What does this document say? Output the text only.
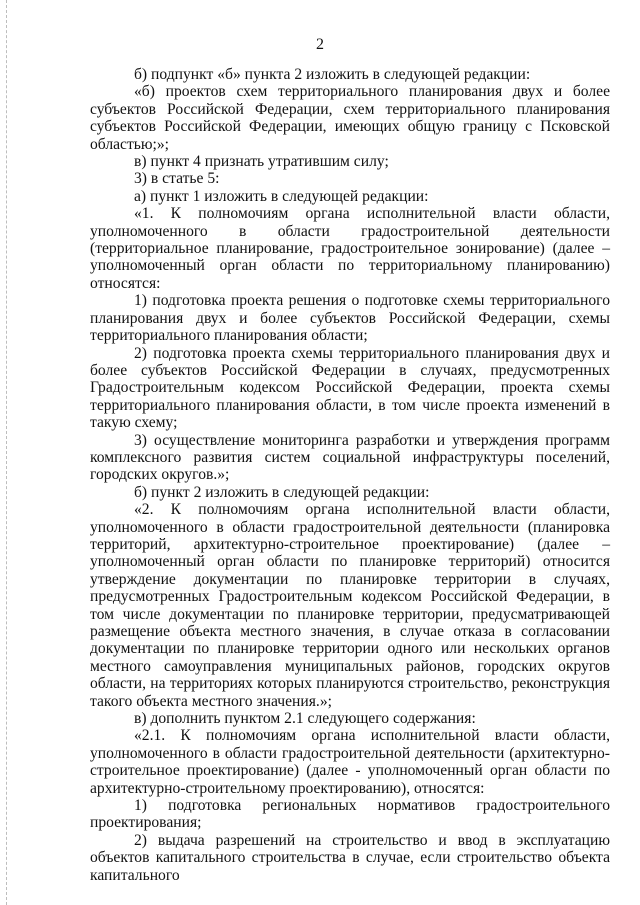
2

б) подпункт «б» пункта 2 изложить в следующей редакции:

«б) проектов схем территориального планирования двух и более субъектов Российской Федерации, схем территориального планирования субъектов Российской Федерации, имеющих общую границу с Псковской областью;»;

в) пункт 4 признать утратившим силу;

3) в статье 5:

а) пункт 1 изложить в следующей редакции:

«1. К полномочиям органа исполнительной власти области, уполномоченного в области градостроительной деятельности (территориальное планирование, градостроительное зонирование) (далее – уполномоченный орган области по территориальному планированию) относятся:

1) подготовка проекта решения о подготовке схемы территориального планирования двух и более субъектов Российской Федерации, схемы территориального планирования области;

2) подготовка проекта схемы территориального планирования двух и более субъектов Российской Федерации в случаях, предусмотренных Градостроительным кодексом Российской Федерации, проекта схемы территориального планирования области, в том числе проекта изменений в такую схему;

3) осуществление мониторинга разработки и утверждения программ комплексного развития систем социальной инфраструктуры поселений, городских округов.»;

б) пункт 2 изложить в следующей редакции:

«2. К полномочиям органа исполнительной власти области, уполномоченного в области градостроительной деятельности (планировка территорий, архитектурно-строительное проектирование) (далее – уполномоченный орган области по планировке территорий) относится утверждение документации по планировке территории в случаях, предусмотренных Градостроительным кодексом Российской Федерации, в том числе документации по планировке территории, предусматривающей размещение объекта местного значения, в случае отказа в согласовании документации по планировке территории одного или нескольких органов местного самоуправления муниципальных районов, городских округов области, на территориях которых планируются строительство, реконструкция такого объекта местного значения.»;

в) дополнить пунктом 2.1 следующего содержания:

«2.1. К полномочиям органа исполнительной власти области, уполномоченного в области градостроительной деятельности (архитектурно-строительное проектирование) (далее - уполномоченный орган области по архитектурно-строительному проектированию), относятся:

1) подготовка региональных нормативов градостроительного проектирования;

2) выдача разрешений на строительство и ввод в эксплуатацию объектов капитального строительства в случае, если строительство объекта капитального
